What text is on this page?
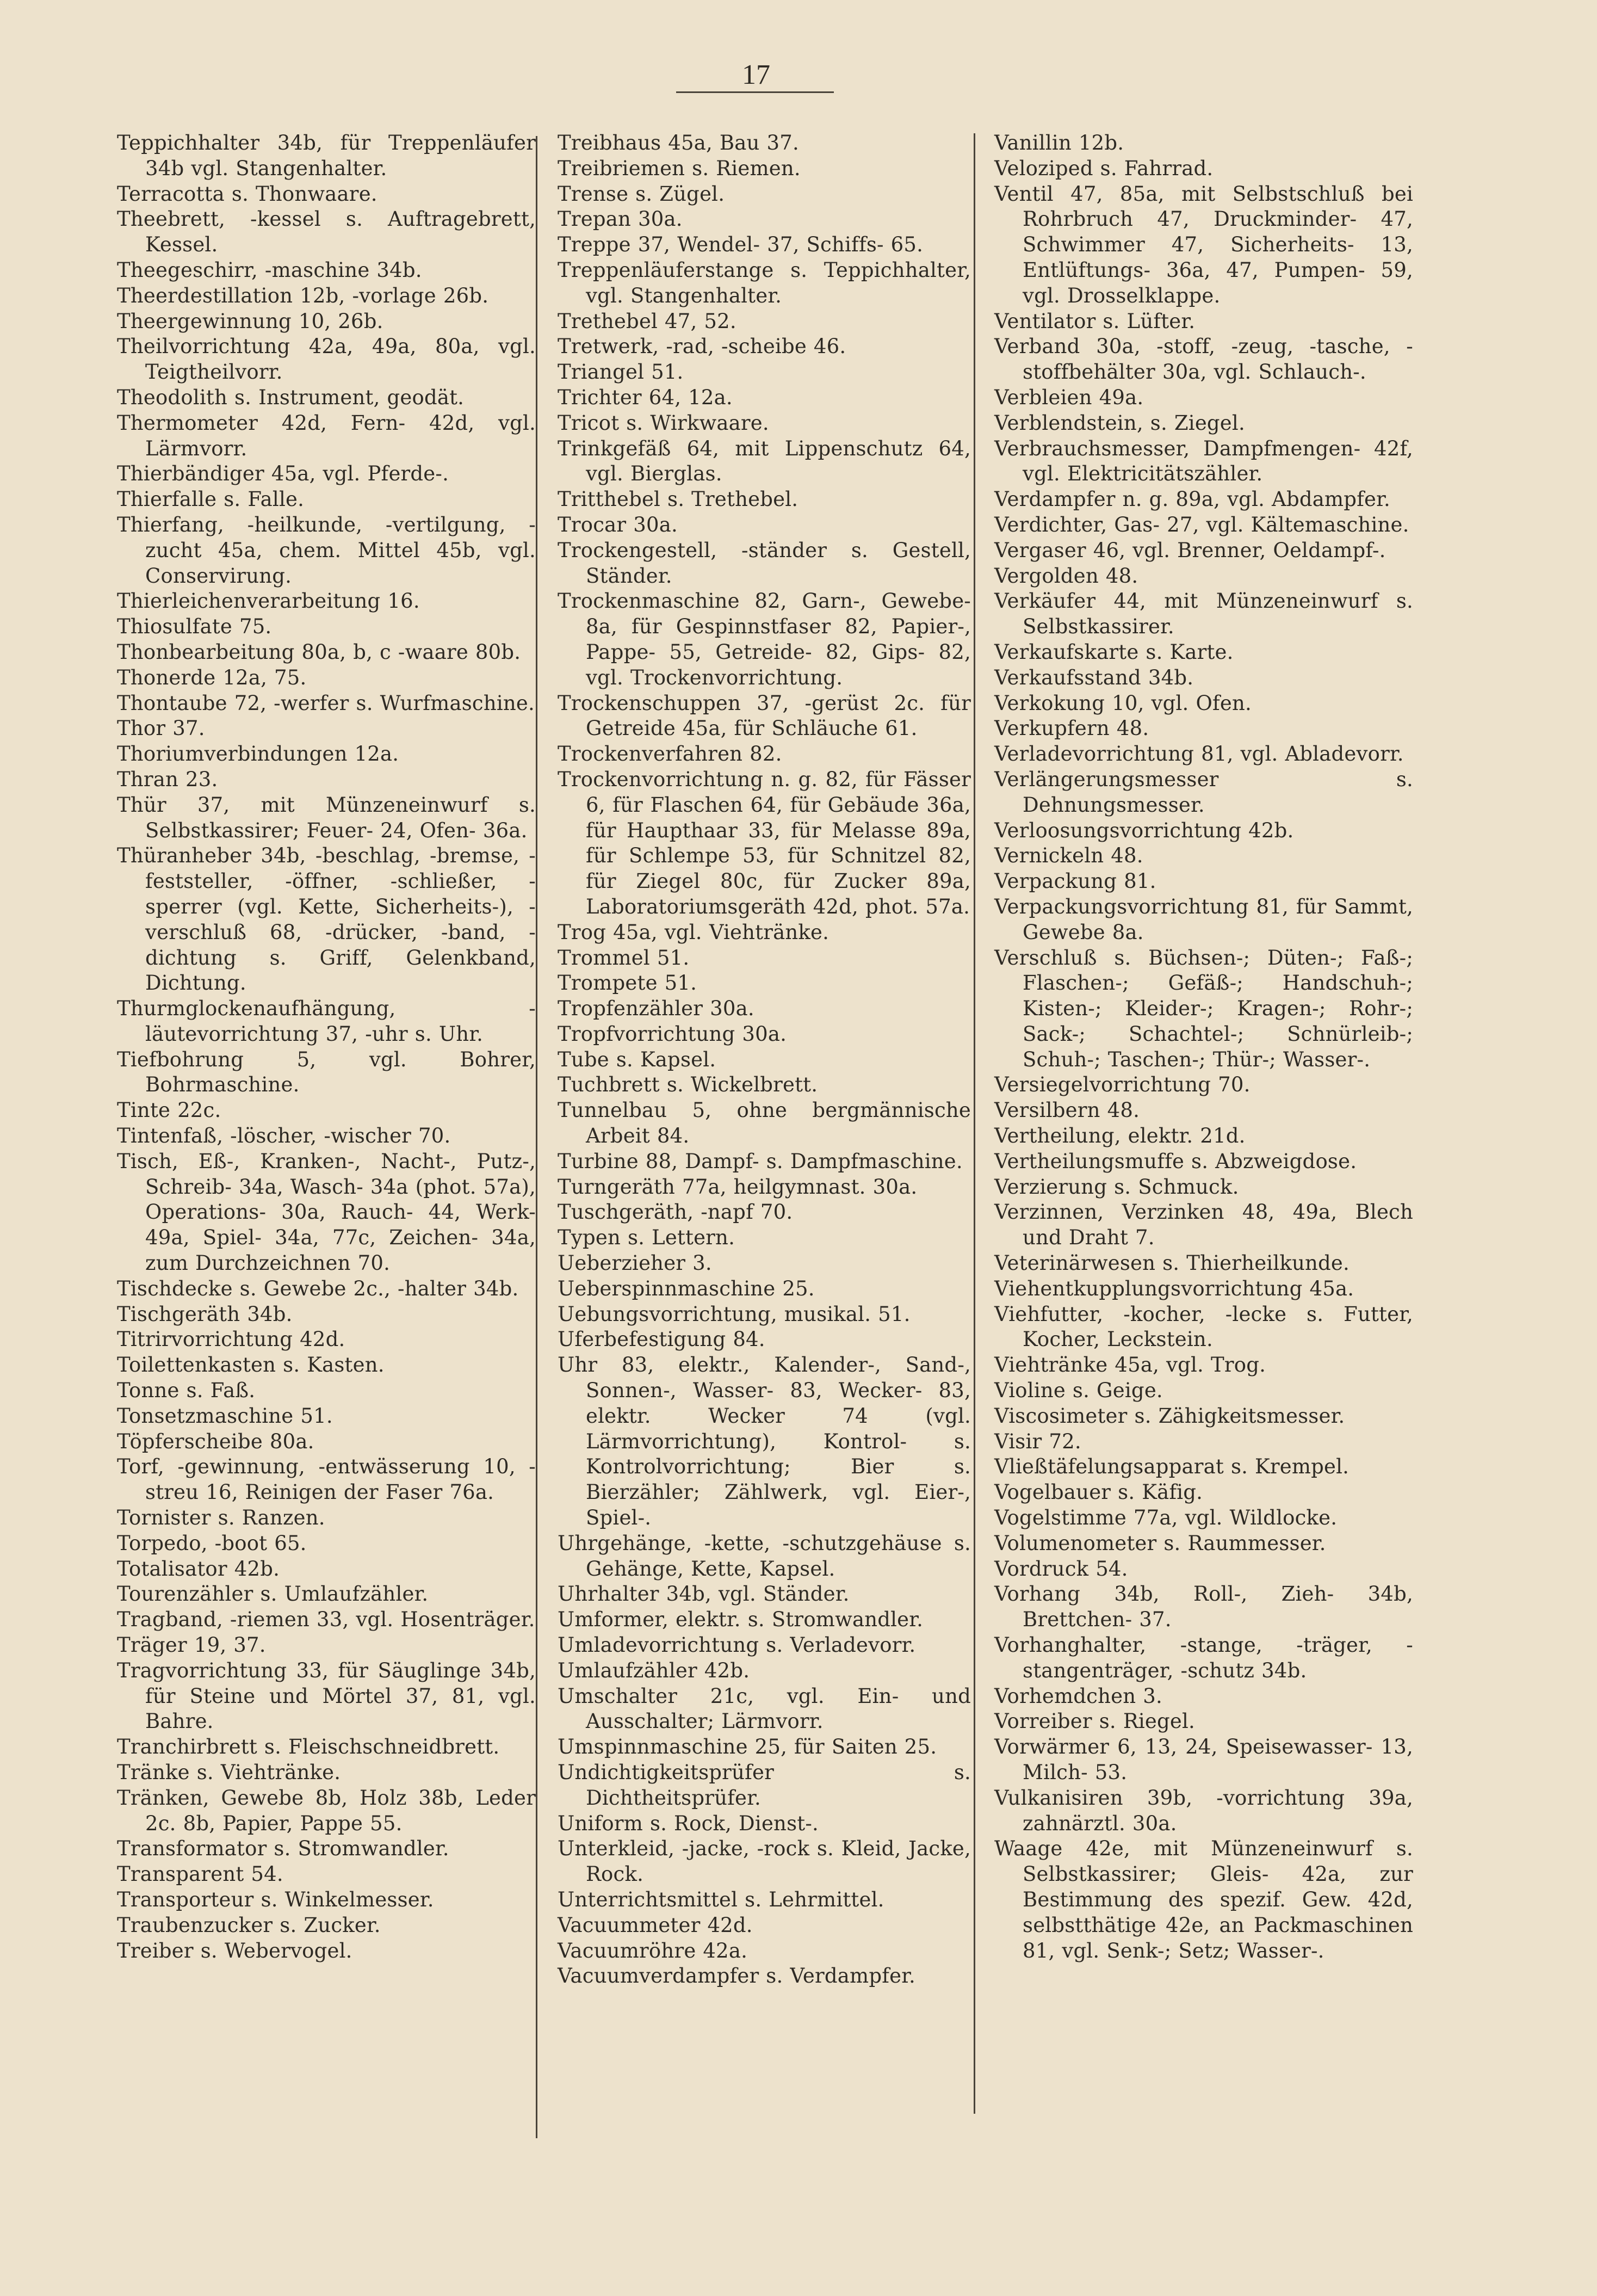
17
Teppichhalter 34b, für Treppenläufer 34b vgl. Stangenhalter.
Terracotta s. Thonwaare.
Theebrett, -kessel s. Auftragebrett, Kessel.
Theegeschirr, -maschine 34b.
Theerdestillation 12b, -vorlage 26b.
Theergewinnung 10, 26b.
Theilvorrichtung 42a, 49a, 80a, vgl. Teigtheilvorr.
Theodolith s. Instrument, geodät.
Thermometer 42d, Fern- 42d, vgl. Lärmvorr.
Thierbändiger 45a, vgl. Pferde-.
Thierfalle s. Falle.
Thierfang, -heilkunde, -vertilgung, -zucht 45a, chem. Mittel 45b, vgl. Conservirung.
Thierleichenverarbeitung 16.
Thiosulfate 75.
Thonbearbeitung 80a, b, c -waare 80b.
Thonerde 12a, 75.
Thontaube 72, -werfer s. Wurfmaschine.
Thor 37.
Thoriumverbindungen 12a.
Thran 23.
Thür 37, mit Münzeneinwurf s. Selbstkassirer; Feuer- 24, Ofen- 36a.
Thüranheber 34b, -beschlag, -bremse, -feststeller, -öffner, -schließer, -sperrer (vgl. Kette, Sicherheits-), -verschluß 68, -drücker, -band, -dichtung s. Griff, Gelenkband, Dichtung.
Thurmglockenaufhängung, -läutevorrichtung 37, -uhr s. Uhr.
Tiefbohrung 5, vgl. Bohrer, Bohrmaschine.
Tinte 22c.
Tintenfaß, -löscher, -wischer 70.
Tisch, Eß-, Kranken-, Nacht-, Putz-, Schreib- 34a, Wasch- 34a (phot. 57a), Operations- 30a, Rauch- 44, Werk- 49a, Spiel- 34a, 77c, Zeichen- 34a, zum Durchzeichnen 70.
Tischdecke s. Gewebe 2c., -halter 34b.
Tischgeräth 34b.
Titrirvorrichtung 42d.
Toilettenkasten s. Kasten.
Tonne s. Faß.
Tonsetzmaschine 51.
Töpferscheibe 80a.
Torf, -gewinnung, -entwässerung 10, -streu 16, Reinigen der Faser 76a.
Tornister s. Ranzen.
Torpedo, -boot 65.
Totalisator 42b.
Tourenzähler s. Umlaufzähler.
Tragband, -riemen 33, vgl. Hosenträger.
Träger 19, 37.
Tragvorrichtung 33, für Säuglinge 34b, für Steine und Mörtel 37, 81, vgl. Bahre.
Tranchirbrett s. Fleischschneidbrett.
Tränke s. Viehtränke.
Tränken, Gewebe 8b, Holz 38b, Leder 2c. 8b, Papier, Pappe 55.
Transformator s. Stromwandler.
Transparent 54.
Transporteur s. Winkelmesser.
Traubenzucker s. Zucker.
Treiber s. Webervogel.
Treibhaus 45a, Bau 37.
Treibriemen s. Riemen.
Trense s. Zügel.
Trepan 30a.
Treppe 37, Wendel- 37, Schiffs- 65.
Treppenläuferstange s. Teppichhalter, vgl. Stangenhalter.
Trethebel 47, 52.
Tretwerk, -rad, -scheibe 46.
Triangel 51.
Trichter 64, 12a.
Tricot s. Wirkwaare.
Trinkgefäß 64, mit Lippenschutz 64, vgl. Bierglas.
Tritthebel s. Trethebel.
Trocar 30a.
Trockengestell, -ständer s. Gestell, Ständer.
Trockenmaschine 82, Garn-, Gewebe- 8a, für Gespinnstfaser 82, Papier-, Pappe- 55, Getreide- 82, Gips- 82, vgl. Trockenvorrichtung.
Trockenschuppen 37, -gerüst 2c. für Getreide 45a, für Schläuche 61.
Trockenverfahren 82.
Trockenvorrichtung n. g. 82, für Fässer 6, für Flaschen 64, für Gebäude 36a, für Haupthaar 33, für Melasse 89a, für Schlempe 53, für Schnitzel 82, für Ziegel 80c, für Zucker 89a, Laboratoriumsgeräth 42d, phot. 57a.
Trog 45a, vgl. Viehtränke.
Trommel 51.
Trompete 51.
Tropfenzähler 30a.
Tropfvorrichtung 30a.
Tube s. Kapsel.
Tuchbrett s. Wickelbrett.
Tunnelbau 5, ohne bergmännische Arbeit 84.
Turbine 88, Dampf- s. Dampfmaschine.
Turngeräth 77a, heilgymnast. 30a.
Tuschgeräth, -napf 70.
Typen s. Lettern.
Ueberzieher 3.
Ueberspinnmaschine 25.
Uebungsvorrichtung, musikal. 51.
Uferbefestigung 84.
Uhr 83, elektr., Kalender-, Sand-, Sonnen-, Wasser- 83, Wecker- 83, elektr. Wecker 74 (vgl. Lärmvorrichtung), Kontrol- s. Kontrolvorrichtung; Bier s. Bierzähler; Zählwerk, vgl. Eier-, Spiel-.
Uhrgehänge, -kette, -schutzgehäuse s. Gehänge, Kette, Kapsel.
Uhrhalter 34b, vgl. Ständer.
Umformer, elektr. s. Stromwandler.
Umladevorrichtung s. Verladevorr.
Umlaufzähler 42b.
Umschalter 21c, vgl. Ein- und Ausschalter; Lärmvorr.
Umspinnmaschine 25, für Saiten 25.
Undichtigkeitsprüfer s. Dichtheitsprüfer.
Uniform s. Rock, Dienst-.
Unterkleid, -jacke, -rock s. Kleid, Jacke, Rock.
Unterrichtsmittel s. Lehrmittel.
Vacuummeter 42d.
Vacuumröhre 42a.
Vacuumverdampfer s. Verdampfer.
Vanillin 12b.
Veloziped s. Fahrrad.
Ventil 47, 85a, mit Selbstschluß bei Rohrbruch 47, Druckminder- 47, Schwimmer 47, Sicherheits- 13, Entlüftungs- 36a, 47, Pumpen- 59, vgl. Drosselklappe.
Ventilator s. Lüfter.
Verband 30a, -stoff, -zeug, -tasche, -stoffbehälter 30a, vgl. Schlauch-.
Verbleien 49a.
Verblendstein, s. Ziegel.
Verbrauchsmesser, Dampfmengen- 42f, vgl. Elektricitätszähler.
Verdampfer n. g. 89a, vgl. Abdampfer.
Verdichter, Gas- 27, vgl. Kältemaschine.
Vergaser 46, vgl. Brenner, Oeldampf-.
Vergolden 48.
Verkäufer 44, mit Münzeneinwurf s. Selbstkassirer.
Verkaufskarte s. Karte.
Verkaufsstand 34b.
Verkokung 10, vgl. Ofen.
Verkupfern 48.
Verladevorrichtung 81, vgl. Abladevorr.
Verlängerungsmesser s. Dehnungsmesser.
Verloosungsvorrichtung 42b.
Vernickeln 48.
Verpackung 81.
Verpackungsvorrichtung 81, für Sammt, Gewebe 8a.
Verschluß s. Büchsen-; Düten-; Faß-; Flaschen-; Gefäß-; Handschuh-; Kisten-; Kleider-; Kragen-; Rohr-; Sack-; Schachtel-; Schnürleib-; Schuh-; Taschen-; Thür-; Wasser-.
Versiegelvorrichtung 70.
Versilbern 48.
Vertheilung, elektr. 21d.
Vertheilungsmuffe s. Abzweigdose.
Verzierung s. Schmuck.
Verzinnen, Verzinken 48, 49a, Blech und Draht 7.
Veterinärwesen s. Thierheilkunde.
Viehentkupplungsvorrichtung 45a.
Viehfutter, -kocher, -lecke s. Futter, Kocher, Leckstein.
Viehtränke 45a, vgl. Trog.
Violine s. Geige.
Viscosimeter s. Zähigkeitsmesser.
Visir 72.
Vließtäfelungsapparat s. Krempel.
Vogelbauer s. Käfig.
Vogelstimme 77a, vgl. Wildlocke.
Volumenometer s. Raummesser.
Vordruck 54.
Vorhang 34b, Roll-, Zieh- 34b, Brettchen- 37.
Vorhanghalter, -stange, -träger, -stangenträger, -schutz 34b.
Vorhemdchen 3.
Vorreiber s. Riegel.
Vorwärmer 6, 13, 24, Speisewasser- 13, Milch- 53.
Vulkanisiren 39b, -vorrichtung 39a, zahnärztl. 30a.
Waage 42e, mit Münzeneinwurf s. Selbstkassirer; Gleis- 42a, zur Bestimmung des spezif. Gew. 42d, selbstthätige 42e, an Packmaschinen 81, vgl. Senk-; Setz; Wasser-.
